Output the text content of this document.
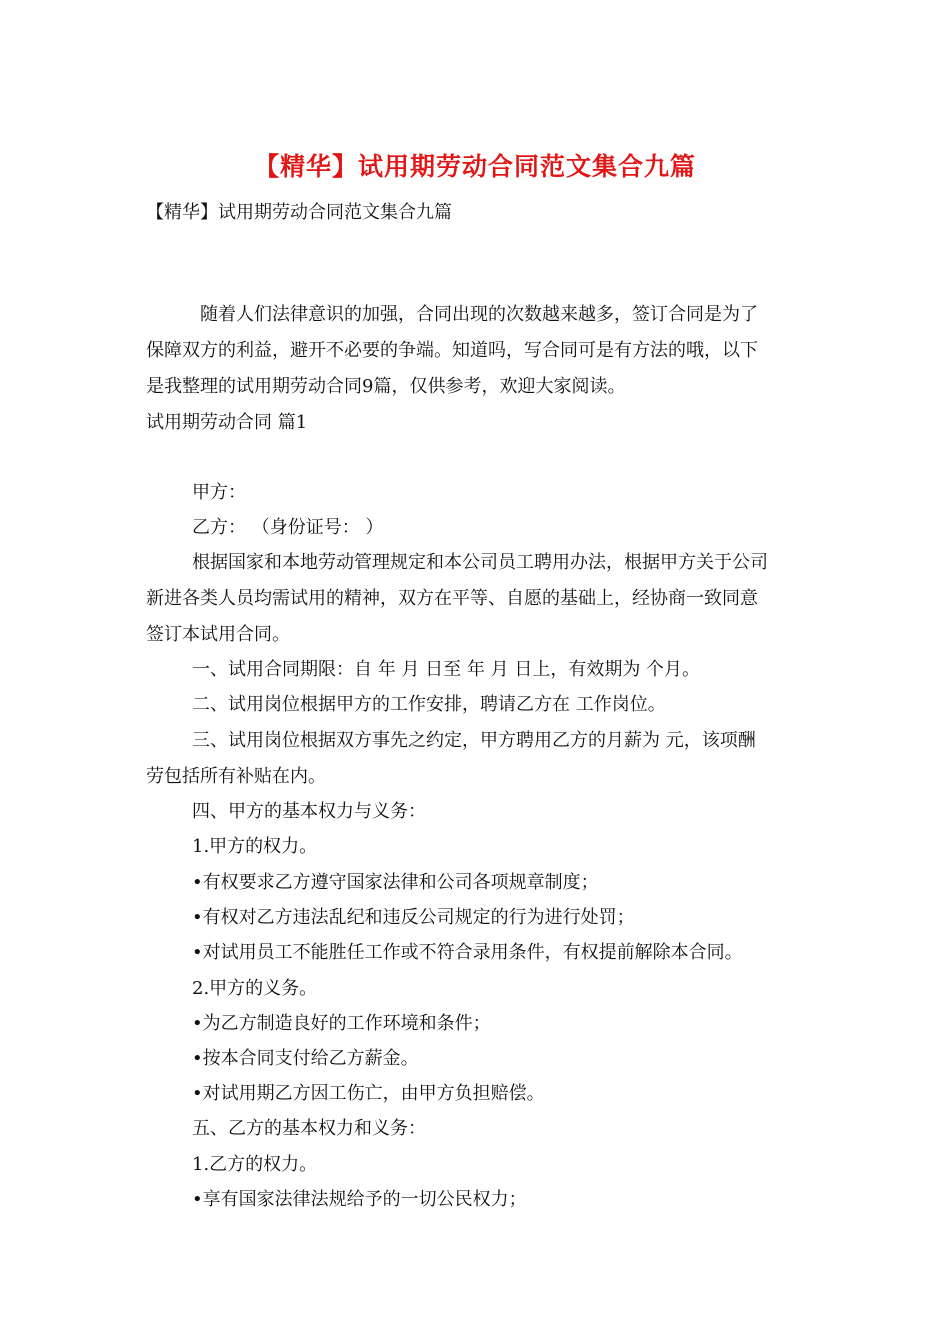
【精华】试用期劳动合同范文集合九篇
【精华】试用期劳动合同范文集合九篇
随着人们法律意识的加强，合同出现的次数越来越多，签订合同是为了
保障双方的利益，避开不必要的争端。知道吗，写合同可是有方法的哦，以下
是我整理的试用期劳动合同9篇，仅供参考，欢迎大家阅读。
试用期劳动合同 篇1
甲方：
乙方： （身份证号： ）
根据国家和本地劳动管理规定和本公司员工聘用办法，根据甲方关于公司
新进各类人员均需试用的精神，双方在平等、自愿的基础上，经协商一致同意
签订本试用合同。
一、试用合同期限：自 年 月 日至 年 月 日上，有效期为 个月。
二、试用岗位根据甲方的工作安排，聘请乙方在 工作岗位。
三、试用岗位根据双方事先之约定，甲方聘用乙方的月薪为 元，该项酬
劳包括所有补贴在内。
四、甲方的基本权力与义务：
1.甲方的权力。
•有权要求乙方遵守国家法律和公司各项规章制度；
•有权对乙方违法乱纪和违反公司规定的行为进行处罚；
•对试用员工不能胜任工作或不符合录用条件，有权提前解除本合同。
2.甲方的义务。
•为乙方制造良好的工作环境和条件；
•按本合同支付给乙方薪金。
•对试用期乙方因工伤亡，由甲方负担赔偿。
五、乙方的基本权力和义务：
1.乙方的权力。
•享有国家法律法规给予的一切公民权力；
